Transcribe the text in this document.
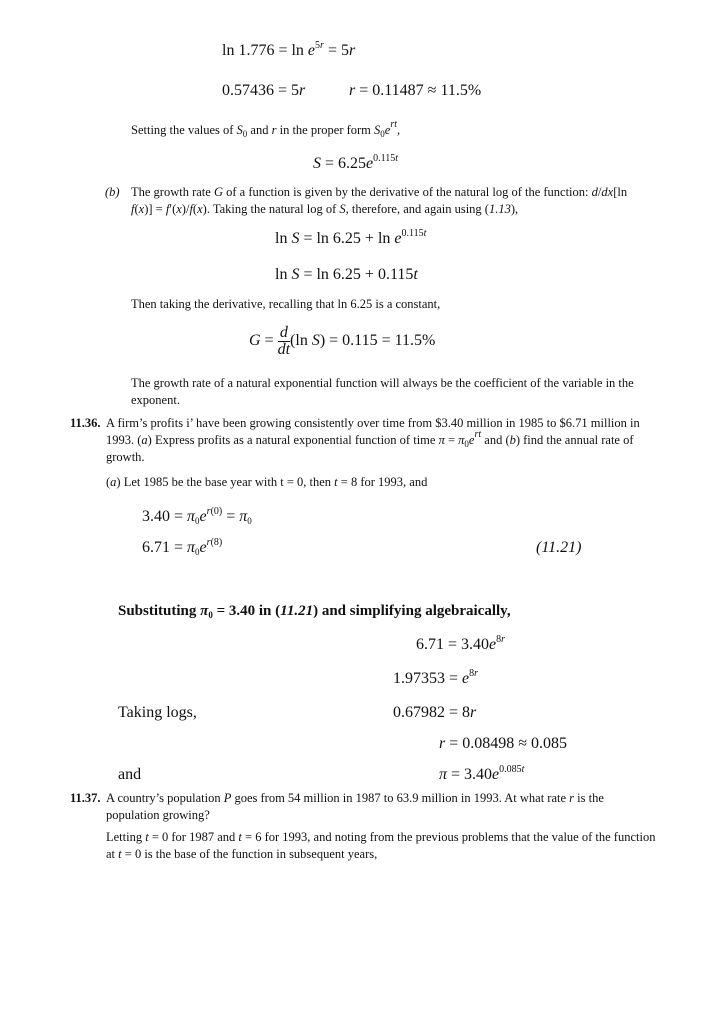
$\ln 1.776 = \ln e^{5r} = 5r$
0.57436 = 5r	r = 0.11487 ≈ 11.5%
Setting the values of $S_0$ and r in the proper form $S_0e^{rt}$,
$S = 6.25e^{0.115t}$
(b) The growth rate G of a function is given by the derivative of the natural log of the function: d/dx[ln f(x)] = f′(x)/f(x). Taking the natural log of S, therefore, and again using (1.13),
$\ln S = \ln 6.25 + \ln e^{0.115t}$
ln S = ln 6.25 + 0.115t
Then taking the derivative, recalling that ln 6.25 is a constant,
$G = \frac{d}{dt} (\ln$ S) = 0.115 = 11.5%
The growth rate of a natural exponential function will always be the coefficient of the variable in the exponent.
11.36. A firm’s profits i’ have been growing consistently over time from $3.40 million in 1985 to $6.71 million in 1993. (a) Express profits as a natural exponential function of time $\pi = \pi_0e^{rt}$ and (b) find the annual rate of growth.
(a) Let 1985 be the base year with t = 0, then t = 8 for 1993, and
$3.40 = \pi_0e^{r(0)} = \pi_0$
$6.71 = \pi_0e^{r(8)}$	(11.21)
Substituting $\pi_0 = 3.40$ in (11.21) and simplifying algebraically,
$6.71 = 3.40e^{8r}$
$1.97353 = e^{8r}$
Taking logs,	0.67982 = 8r
r = 0.08498 ≈ 0.085
and	$\pi = 3.40e^{0.085t}$
11.37. A country’s population P goes from 54 million in 1987 to 63.9 million in 1993. At what rate r is the population growing?
Letting t = 0 for 1987 and t = 6 for 1993, and noting from the previous problems that the value of the function at t = 0 is the base of the function in subsequent years,
